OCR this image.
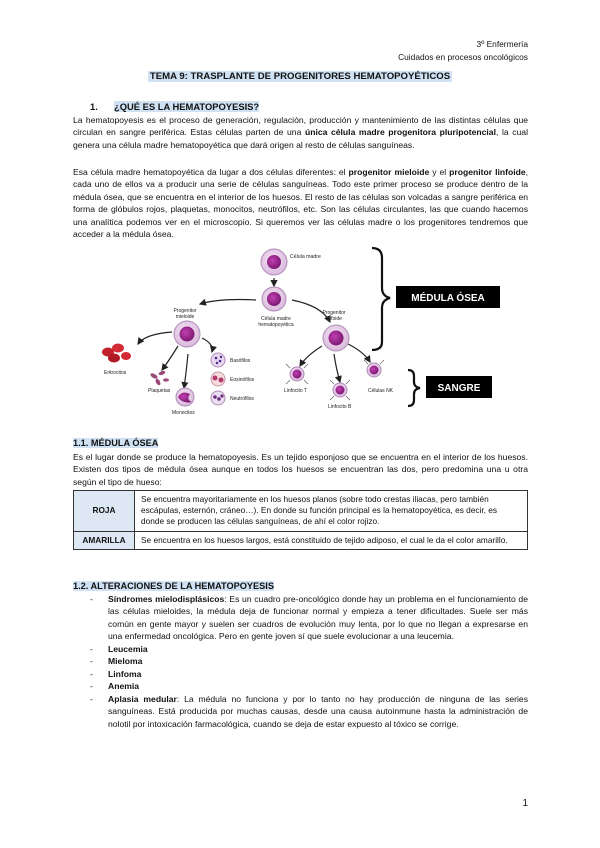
3º Enfermería
Cuidados en procesos oncológicos
TEMA 9: TRASPLANTE DE PROGENITORES HEMATOPOYÉTICOS
1. ¿QUÉ ES LA HEMATOPOYESIS?
La hematopoyesis es el proceso de generación, regulación, producción y mantenimiento de las distintas células que circulan en sangre periférica. Estas células parten de una única célula madre progenitora pluripotencial, la cual genera una célula madre hematopoyética que dará origen al resto de células sanguíneas.
Esa célula madre hematopoyética da lugar a dos células diferentes: el progenitor mieloide y el progenitor linfoide, cada uno de ellos va a producir una serie de células sanguíneas. Todo este primer proceso se produce dentro de la médula ósea, que se encuentra en el interior de los huesos. El resto de las células son volcadas a sangre periférica en forma de glóbulos rojos, plaquetas, monocitos, neutrófilos, etc. Son las células circulantes, las que cuando hacemos una analítica podemos ver en el microscopio. Si queremos ver las células madre o los progenitores tendremos que acceder a la médula ósea.
Célula madre
Célula madre hematopoyética
Progenitor mieloide
Progenitor linfoide
Eritrocitos
Plaquetas
Monocitos
Basófilos
Eosinófilos
Neutrófilos
Linfocito T
Linfocito B
Células NK
MÉDULA ÓSEA
SANGRE
1.1. MÉDULA ÓSEA
Es el lugar donde se produce la hematopoyesis. Es un tejido esponjoso que se encuentra en el interior de los huesos. Existen dos tipos de médula ósea aunque en todos los huesos se encuentran las dos, pero predomina una u otra según el tipo de hueso:
ROJA	Se encuentra mayoritariamente en los huesos planos (sobre todo crestas iliacas, pero también escápulas, esternón, cráneo…). En donde su función principal es la hematopoyética, es decir, es donde se producen las células sanguíneas, de ahí el color rojizo.
AMARILLA	Se encuentra en los huesos largos, está constituido de tejido adiposo, el cual le da el color amarillo.
1.2. ALTERACIONES DE LA HEMATOPOYESIS
- Síndromes mielodisplásicos: Es un cuadro pre-oncológico donde hay un problema en el funcionamiento de las células mieloides, la médula deja de funcionar normal y empieza a tener dificultades. Suele ser más común en gente mayor y suelen ser cuadros de evolución muy lenta, por lo que no llegan a expresarse en una enfermedad oncológica. Pero en gente joven sí que suele evolucionar a una leucemia.
- Leucemia
- Mieloma
- Linfoma
- Anemia
- Aplasia medular: La médula no funciona y por lo tanto no hay producción de ninguna de las series sanguíneas. Está producida por muchas causas, desde una causa autoinmune hasta la administración de nolotil por intoxicación farmacológica, cuando se deja de estar expuesto al tóxico se corrige.
1
